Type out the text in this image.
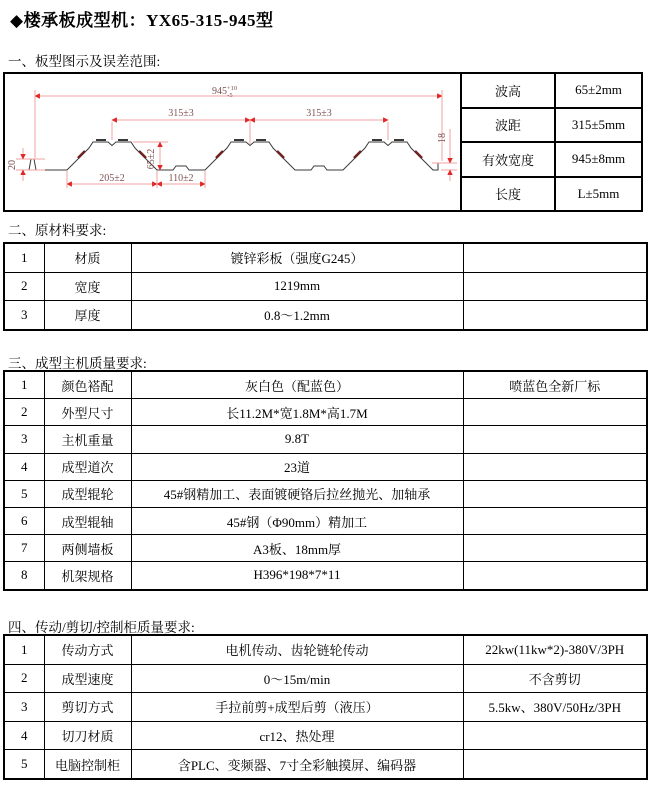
◆楼承板成型机：YX65-315-945型
一、板型图示及误差范围:
$945^{+10}$ -5
315±3	315±3
65±2
205±2	110±2
20
18
波高	65±2mm
波距	315±5mm
有效宽度	945±8mm
长度	L±5mm
二、原材料要求:
1	材质	镀锌彩板（强度G245）	
2	宽度	1219mm	
3	厚度	0.8～1.2mm	
三、成型主机质量要求:
1	颜色褡配	灰白色（配蓝色）	喷蓝色全新厂标
2	外型尺寸	长11.2M*宽1.8M*高1.7M	
3	主机重量	9.8T	
4	成型道次	23道	
5	成型辊轮	45#钢精加工、表面镀硬铬后拉丝抛光、加轴承	
6	成型辊轴	45#钢（Φ90mm）精加工	
7	两侧墙板	A3板、18mm厚	
8	机架规格	H396*198*7*11	
四、传动/剪切/控制柜质量要求:
1	传动方式	电机传动、齿轮链轮传动	22kw(11kw*2)-380V/3PH
2	成型速度	0～15m/min	不含剪切
3	剪切方式	手拉前剪+成型后剪（液压）	5.5kw、380V/50Hz/3PH
4	切刀材质	cr12、热处理	
5	电脑控制柜	含PLC、变频器、7寸全彩触摸屏、编码器	
